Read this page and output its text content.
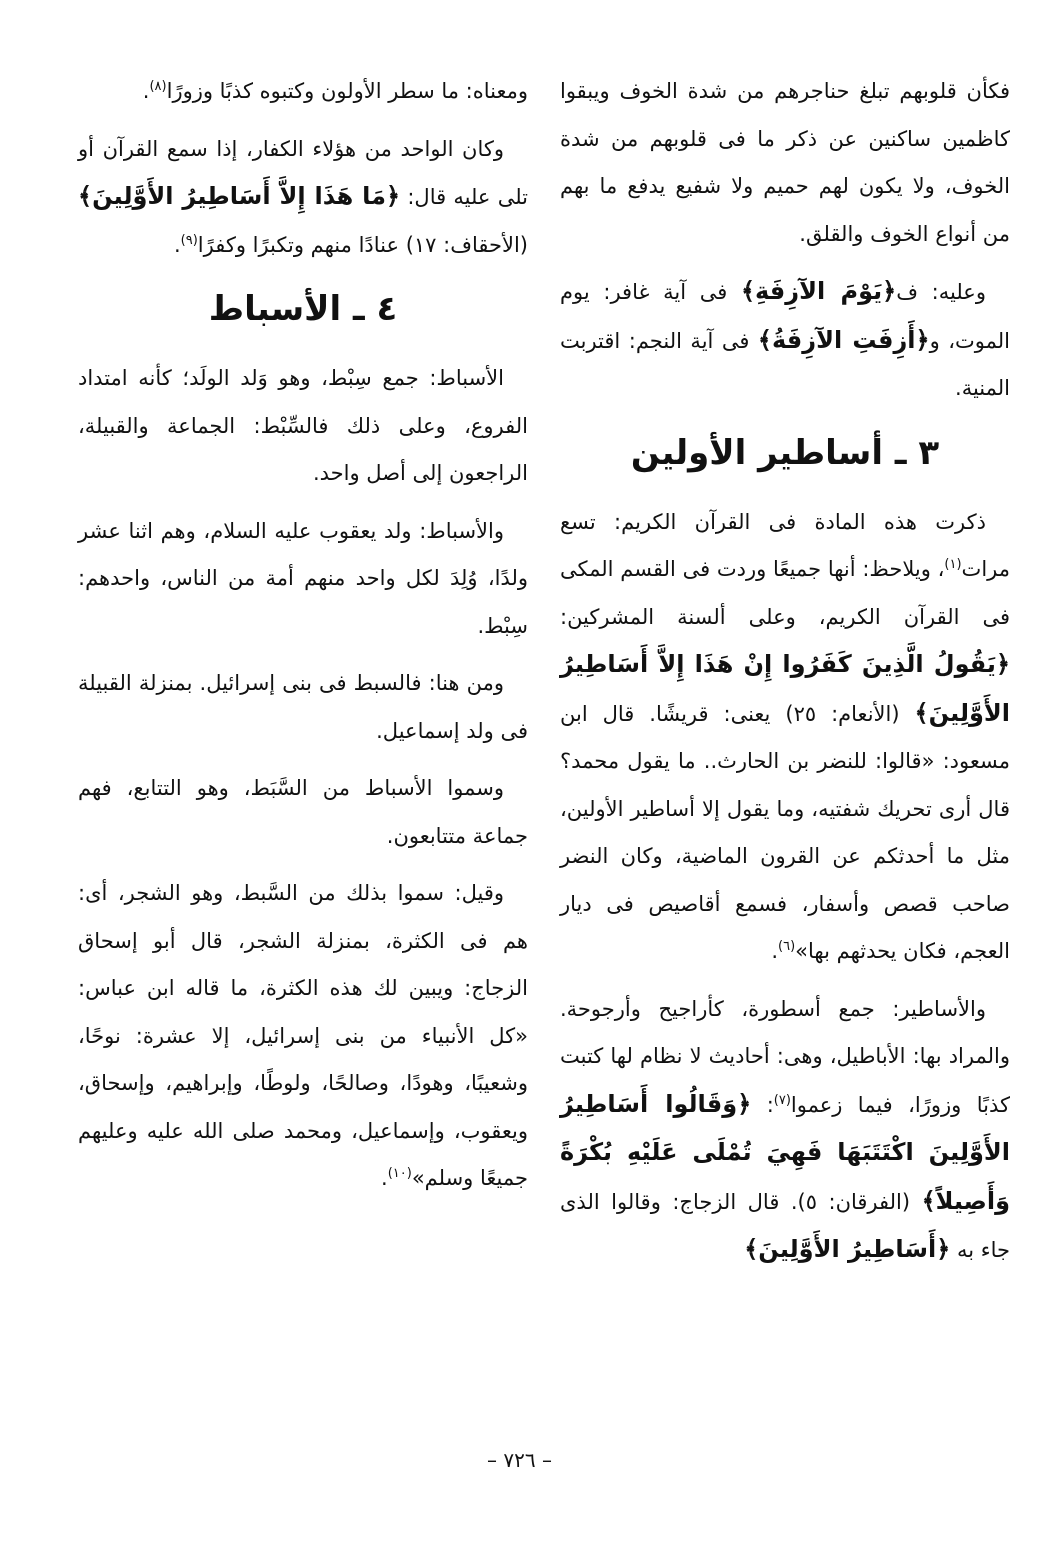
فكأن قلوبهم تبلغ حناجرهم من شدة الخوف ويبقوا كاظمين ساكنين عن ذكر ما فى قلوبهم من شدة الخوف، ولا يكون لهم حميم ولا شفيع يدفع ما بهم من أنواع الخوف والقلق.

وعليه: ف﴿يَوْمَ الآزِفَةِ﴾ فى آية غافر: يوم الموت، و﴿أَزِفَتِ الآزِفَةُ﴾ فى آية النجم: اقتربت المنية.

٣ ـ أساطير الأولين

ذكرت هذه المادة فى القرآن الكريم: تسع مرات$^{(١)}$، ويلاحظ: أنها جميعًا وردت فى القسم المكى فى القرآن الكريم، وعلى ألسنة المشركين: ﴿يَقُولُ الَّذِينَ كَفَرُوا إِنْ هَذَا إِلاَّ أَسَاطِيرُ الأَوَّلِينَ﴾ (الأنعام: ٢٥) يعنى: قريشًا. قال ابن مسعود: «قالوا: للنضر بن الحارث.. ما يقول محمد؟ قال أرى تحريك شفتيه، وما يقول إلا أساطير الأولين، مثل ما أحدثكم عن القرون الماضية، وكان النضر صاحب قصص وأسفار، فسمع أقاصيص فى ديار العجم، فكان يحدثهم بها»$^{(٦)}$.

والأساطير: جمع أسطورة، كأراجيح وأرجوحة. والمراد بها: الأباطيل، وهى: أحاديث لا نظام لها كتبت كذبًا وزورًا، فيما زعموا$^{(٧)}$: ﴿وَقَالُوا أَسَاطِيرُ الأَوَّلِينَ اكْتَتَبَهَا فَهِيَ تُمْلَى عَلَيْهِ بُكْرَةً وَأَصِيلاً﴾ (الفرقان: ٥). قال الزجاج: وقالوا الذى جاء به ﴿أَسَاطِيرُ الأَوَّلِينَ﴾

ومعناه: ما سطر الأولون وكتبوه كذبًا وزورًا$^{(٨)}$.

وكان الواحد من هؤلاء الكفار، إذا سمع القرآن أو تلى عليه قال: ﴿مَا هَذَا إِلاَّ أَسَاطِيرُ الأَوَّلِينَ﴾ (الأحقاف: ١٧) عنادًا منهم وتكبرًا وكفرًا$^{(٩)}$.

٤ ـ الأسباط

الأسباط: جمع سِبْط، وهو وَلد الولَد؛ كأنه امتداد الفروع، وعلى ذلك فالسِّبْط: الجماعة والقبيلة، الراجعون إلى أصل واحد.

والأسباط: ولد يعقوب عليه السلام، وهم اثنا عشر ولدًا، وُلِدَ لكل واحد منهم أمة من الناس، واحدهم: سِبْط.

ومن هنا: فالسبط فى بنى إسرائيل. بمنزلة القبيلة فى ولد إسماعيل.

وسموا الأسباط من السَّبَط، وهو التتابع، فهم جماعة متتابعون.

وقيل: سموا بذلك من السَّبط، وهو الشجر، أى: هم فى الكثرة، بمنزلة الشجر، قال أبو إسحاق الزجاج: ويبين لك هذه الكثرة، ما قاله ابن عباس: «كل الأنبياء من بنى إسرائيل، إلا عشرة: نوحًا، وشعيبًا، وهودًا، وصالحًا، ولوطًا، وإبراهيم، وإسحاق، ويعقوب، وإسماعيل، ومحمد صلى الله عليه وعليهم جميعًا وسلم»$^{(١٠)}$.

– ٧٢٦ –
